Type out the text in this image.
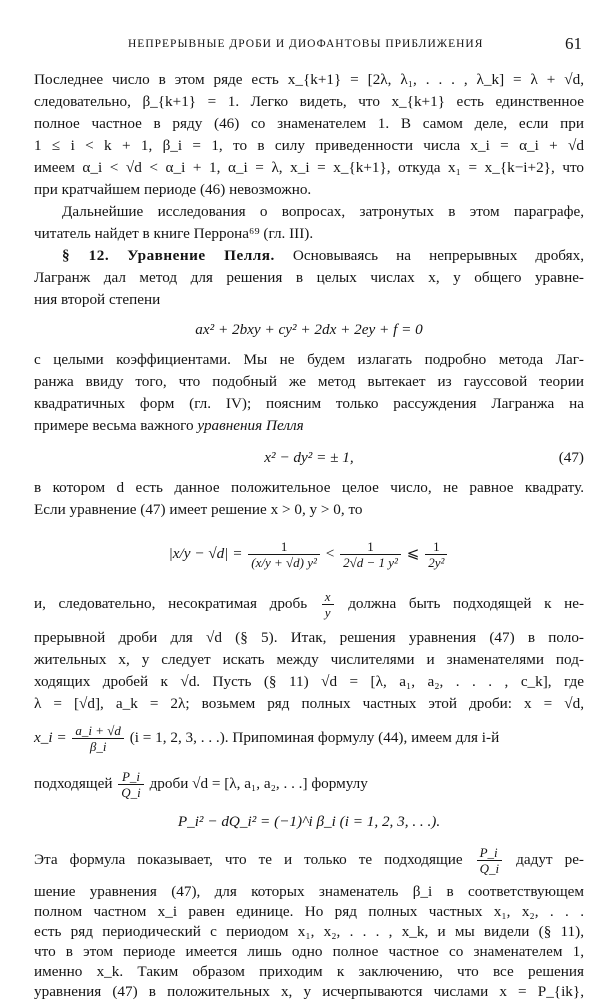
НЕПРЕРЫВНЫЕ ДРОБИ И ДИОФАНТОВЫ ПРИБЛИЖЕНИЯ	61
Последнее число в этом ряде есть x_{k+1} = [2λ, λ₁, . . . , λ_k] = λ + √d,
следовательно, β_{k+1} = 1. Легко видеть, что x_{k+1} есть единственное
полное частное в ряду (46) со знаменателем 1. В самом деле, если при
1 ≤ i < k + 1, β_i = 1, то в силу приведенности числа x_i = α_i + √d
имеем α_i < √d < α_i + 1, α_i = λ, x_i = x_{k+1}, откуда x₁ = x_{k−i+2}, что
при кратчайшем периоде (46) невозможно.
Дальнейшие исследования о вопросах, затронутых в этом параграфе,
читатель найдет в книге Перрона⁶⁹ (гл. III).
§ 12. Уравнение Пелля. Основываясь на непрерывных дробях,
Лагранж дал метод для решения в целых числах x, y общего уравне-
ния второй степени
ax² + 2bxy + cy² + 2dx + 2ey + f = 0
с целыми коэффициентами. Мы не будем излагать подробно метода Лаг-
ранжа ввиду того, что подобный же метод вытекает из гауссовой теории
квадратичных форм (гл. IV); поясним только рассуждения Лагранжа на
примере весьма важного уравнения Пелля
x² − dy² = ± 1,	(47)
в котором d есть данное положительное целое число, не равное квадрату.
Если уравнение (47) имеет решение x > 0, y > 0, то
$|x/y - √d| = \frac{1}{\text{(x/y + √d) y²}} < \frac{1}{\text{2√d − 1 y²}}$ ⩽ $\frac{1}{\text{2y²}}$
и, следовательно, несократимая дробь $\frac{x}{y}$ должна быть подходящей к не-
прерывной дроби для √d (§ 5). Итак, решения уравнения (47) в поло-
жительных x, y следует искать между числителями и знаменателями под-
ходящих дробей к √d. Пусть (§ 11) √d = [λ, a₁, a₂, . . . , c_k], где
λ = [√d], a_k = 2λ; возьмем ряд полных частных этой дроби: x = √d,
x_i = $\frac{a\_i + √d}{\beta\_i} (i = 1$, 2, 3, . . .). Припоминая формулу (44), имеем для i-й
подходящей $\frac{P\_i}{Q\_i}$ дроби √d = [λ, a₁, a₂, . . .] формулу
P_i² − dQ_i² = (−1)^i β_i (i = 1, 2, 3, . . .).
Эта формула показывает, что те и только те подходящие $\frac{P\_i}{Q\_i}$ дадут ре-
шение уравнения (47), для которых знаменатель β_i в соответствующем
полном частном x_i равен единице. Но ряд полных частных x₁, x₂, . . .
есть ряд периодический с периодом x₁, x₂, . . . , x_k, и мы видели (§ 11),
что в этом периоде имеется лишь одно полное частное со знаменателем 1,
именно x_k. Таким образом приходим к заключению, что все решения
уравнения (47) в положительных x, y исчерпываются числами x = P_{ik},
